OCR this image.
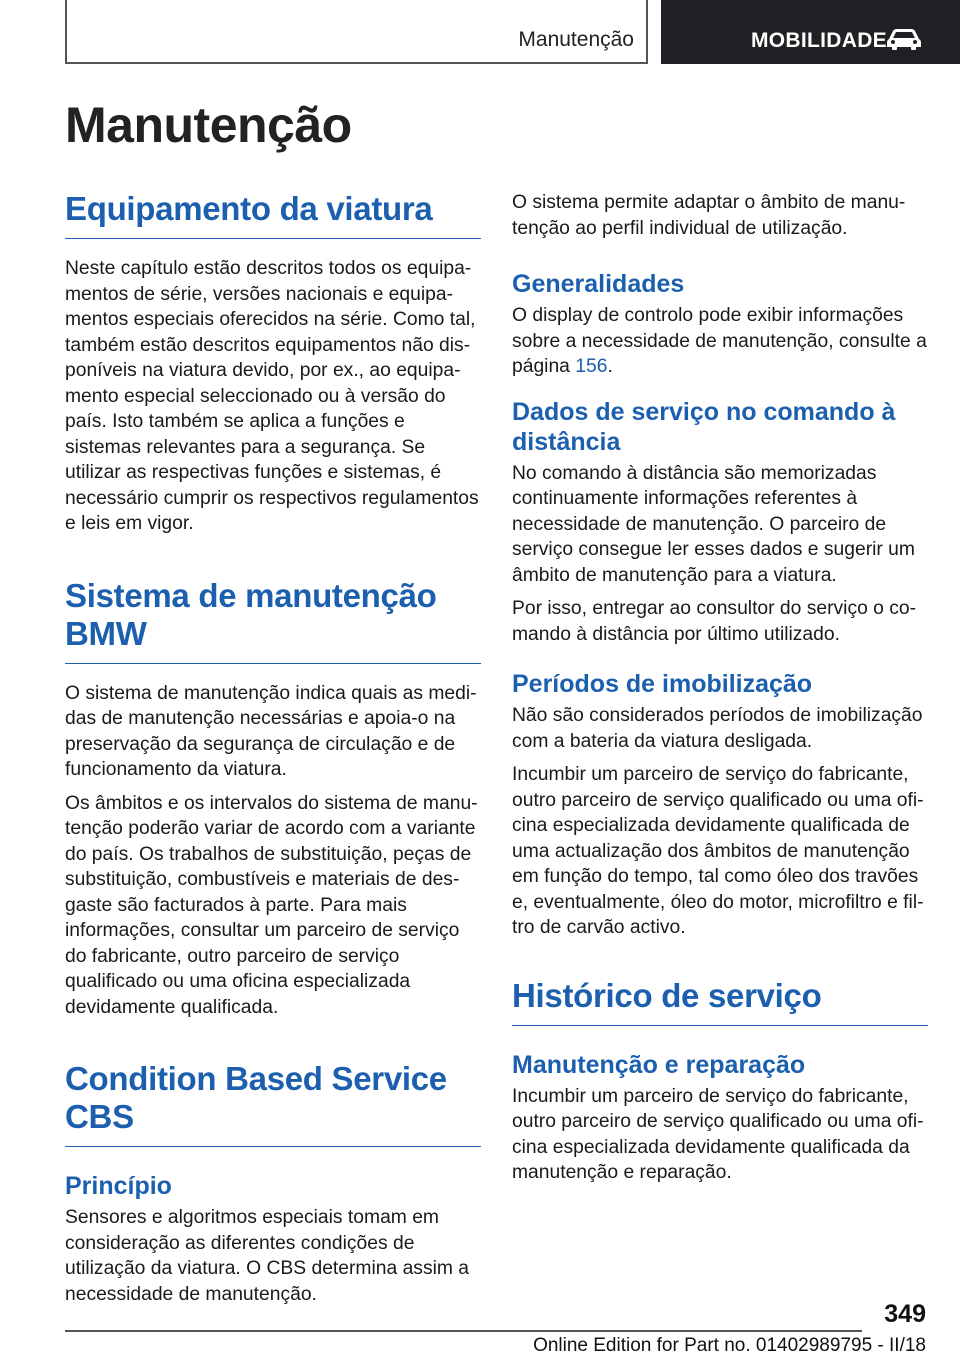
Manutenção	MOBILIDADE
Manutenção
Equipamento da viatura

Neste capítulo estão descritos todos os equipamentos de série, versões nacionais e equipamentos especiais oferecidos na série. Como tal, também estão descritos equipamentos não disponíveis na viatura devido, por ex., ao equipamento especial seleccionado ou à versão do país. Isto também se aplica a funções e sistemas relevantes para a segurança. Se utilizar as respectivas funções e sistemas, é necessário cumprir os respectivos regulamentos e leis em vigor.

Sistema de manutenção BMW

O sistema de manutenção indica quais as medidas de manutenção necessárias e apoia-o na preservação da segurança de circulação e de funcionamento da viatura.

Os âmbitos e os intervalos do sistema de manutenção poderão variar de acordo com a variante do país. Os trabalhos de substituição, peças de substituição, combustíveis e materiais de desgaste são facturados à parte. Para mais informações, consultar um parceiro de serviço do fabricante, outro parceiro de serviço qualificado ou uma oficina especializada devidamente qualificada.

Condition Based Service CBS
Princípio

Sensores e algoritmos especiais tomam em consideração as diferentes condições de utilização da viatura. O CBS determina assim a necessidade de manutenção.

O sistema permite adaptar o âmbito de manutenção ao perfil individual de utilização.

Generalidades

O display de controlo pode exibir informações sobre a necessidade de manutenção, consulte a página 156.

Dados de serviço no comando à distância

No comando à distância são memorizadas continuamente informações referentes à necessidade de manutenção. O parceiro de serviço consegue ler esses dados e sugerir um âmbito de manutenção para a viatura.

Por isso, entregar ao consultor do serviço o comando à distância por último utilizado.

Períodos de imobilização

Não são considerados períodos de imobilização com a bateria da viatura desligada.

Incumbir um parceiro de serviço do fabricante, outro parceiro de serviço qualificado ou uma oficina especializada devidamente qualificada de uma actualização dos âmbitos de manutenção em função do tempo, tal como óleo dos travões e, eventualmente, óleo do motor, microfiltro e filtro de carvão activo.

Histórico de serviço
Manutenção e reparação

Incumbir um parceiro de serviço do fabricante, outro parceiro de serviço qualificado ou uma oficina especializada devidamente qualificada da manutenção e reparação.

349
Online Edition for Part no. 01402989795 - II/18
